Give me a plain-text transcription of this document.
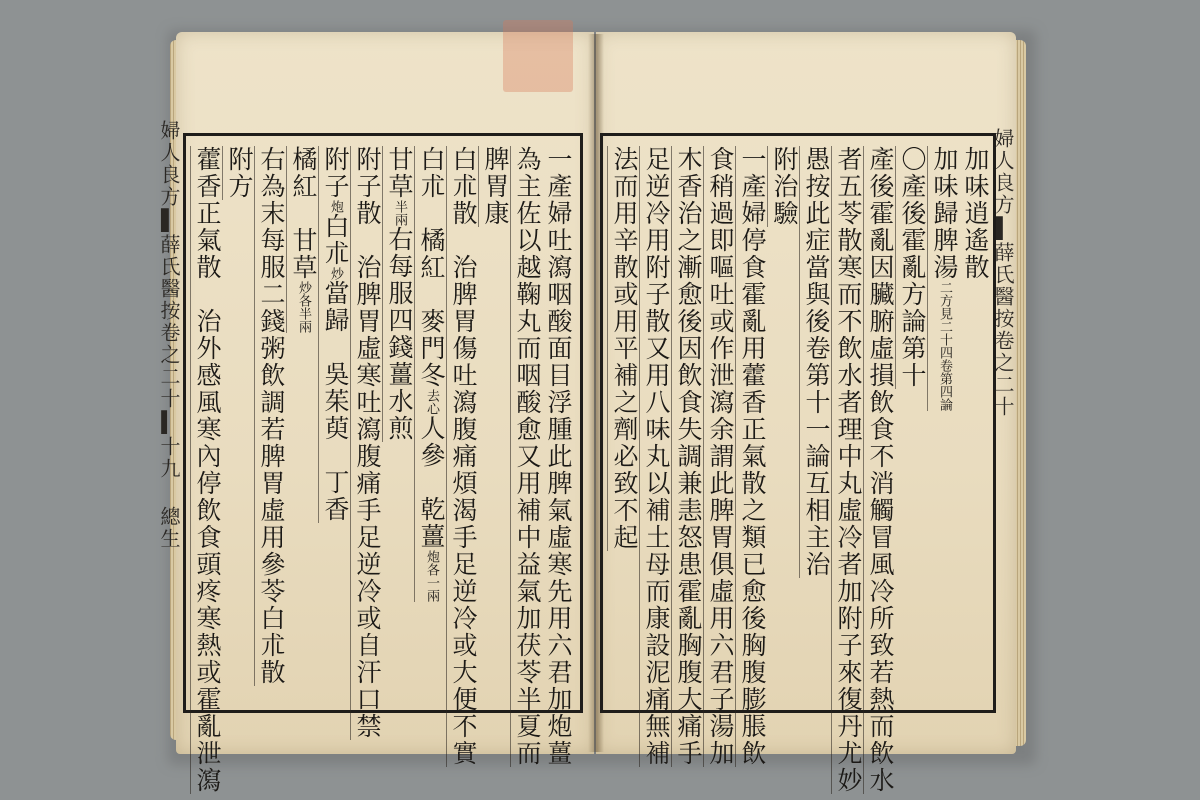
婦人良方▌薛氏醫按卷之二十▍十九 總生	婦人良方▌薛氏醫按卷之二十
一產婦吐瀉咽酸面目浮腫此脾氣虛寒先用六君加炮薑
為主佐以越鞠丸而咽酸愈又用補中益氣加茯苓半夏而
脾胃康
白朮散　治脾胃傷吐瀉腹痛煩渴手足逆冷或大便不實
白朮　橘紅　麥門冬去心人參　乾薑炮各一兩
甘草半兩右每服四錢薑水煎
附子散　治脾胃虛寒吐瀉腹痛手足逆冷或自汗口禁
附子炮白朮炒當歸　吳茱萸　丁香
橘紅　甘草炒各半兩
右為末每服二錢粥飲調若脾胃虛用參苓白朮散
附方
藿香正氣散　治外感風寒內停飲食頭疼寒熱或霍亂泄瀉	加味逍遙散
加味歸脾湯二方見二十四卷第四論
〇產後霍亂方論第十
產後霍亂因臟腑虛損飲食不消觸冒風冷所致若熱而飲水
者五苓散寒而不飲水者理中丸虛冷者加附子來復丹尤妙
愚按此症當與後卷第十一論互相主治
附治驗
一產婦停食霍亂用藿香正氣散之類已愈後胸腹膨脹飲
食稍過即嘔吐或作泄瀉余謂此脾胃俱虛用六君子湯加
木香治之漸愈後因飲食失調兼恚怒患霍亂胸腹大痛手
足逆冷用附子散又用八味丸以補土母而康設泥痛無補
法而用辛散或用平補之劑必致不起
